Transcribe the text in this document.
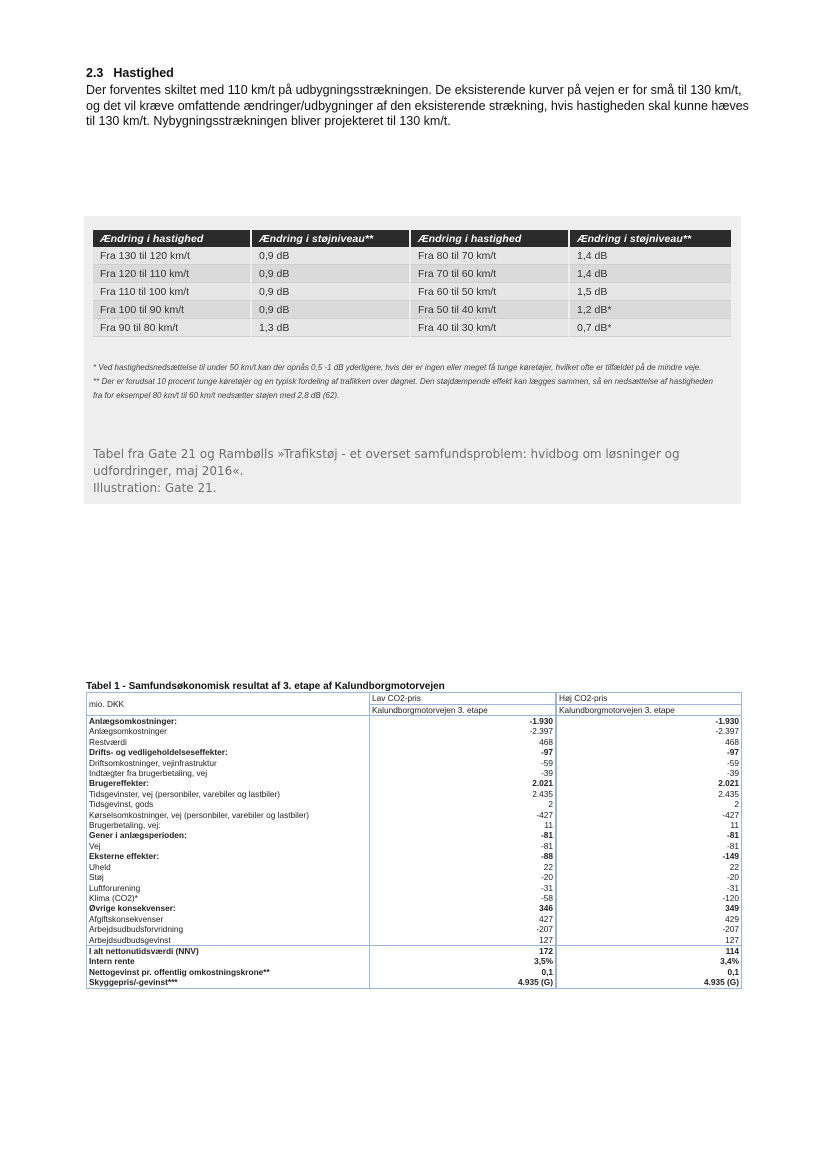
2.3 Hastighed
Der forventes skiltet med 110 km/t på udbygningsstrækningen. De eksisterende kurver på vejen er for små til 130 km/t, og det vil kræve omfattende ændringer/udbygninger af den eksisterende strækning, hvis hastigheden skal kunne hæves til 130 km/t. Nybygningsstrækningen bliver projekteret til 130 km/t.
Ændring i hastighed	Ændring i støjniveau**	Ændring i hastighed	Ændring i støjniveau**
Fra 130 til 120 km/t	0,9 dB	Fra 80 til 70 km/t	1,4 dB
Fra 120 til 110 km/t	0,9 dB	Fra 70 til 60 km/t	1,4 dB
Fra 110 til 100 km/t	0,9 dB	Fra 60 til 50 km/t	1,5 dB
Fra 100 til 90 km/t	0,9 dB	Fra 50 til 40 km/t	1,2 dB*
Fra 90 til 80 km/t	1,3 dB	Fra 40 til 30 km/t	0,7 dB*
* Ved hastighedsnedsættelse til under 50 km/t kan der opnås 0,5 -1 dB yderligere, hvis der er ingen eller meget få tunge køretøjer, hvilket ofte er tilfældet på de mindre veje.
** Der er forudsat 10 procent tunge køretøjer og en typisk fordeling af trafikken over døgnet. Den støjdæmpende effekt kan lægges sammen, så en nedsættelse af hastigheden fra for eksempel 80 km/t til 60 km/t nedsætter støjen med 2,8 dB (62).
Tabel fra Gate 21 og Rambølls »Trafikstøj - et overset samfundsproblem: hvidbog om løsninger og udfordringer, maj 2016«.
Illustration: Gate 21.
Tabel 1 - Samfundsøkonomisk resultat af 3. etape af Kalundborgmotorvejen
mio. DKK	Lav CO2-pris	Høj CO2-pris
	Kalundborgmotorvejen 3. etape	Kalundborgmotorvejen 3. etape
Anlægsomkostninger:	-1.930	-1.930
Anlægsomkostninger	-2.397	-2.397
Restværdi	468	468
Drifts- og vedligeholdelseseffekter:	-97	-97
Driftsomkostninger, vejinfrastruktur	-59	-59
Indtægter fra brugerbetaling, vej	-39	-39
Brugereffekter:	2.021	2.021
Tidsgevinster, vej (personbiler, varebiler og lastbiler)	2.435	2.435
Tidsgevinst, gods	2	2
Kørselsomkostninger, vej (personbiler, varebiler og lastbiler)	-427	-427
Brugerbetaling, vej:	11	11
Gener i anlægsperioden:	-81	-81
Vej	-81	-81
Eksterne effekter:	-88	-149
Uheld	22	22
Støj	-20	-20
Luftforurening	-31	-31
Klima (CO2)*	-58	-120
Øvrige konsekvenser:	346	349
Afgiftskonsekvenser	427	429
Arbejdsudbudsforvridning	-207	-207
Arbejdsudbudsgevinst	127	127
I alt nettonutidsværdi (NNV)	172	114
Intern rente	3,5%	3,4%
Nettogevinst pr. offentlig omkostningskrone**	0,1	0,1
Skyggepris/-gevinst***	4.935 (G)	4.935 (G)
